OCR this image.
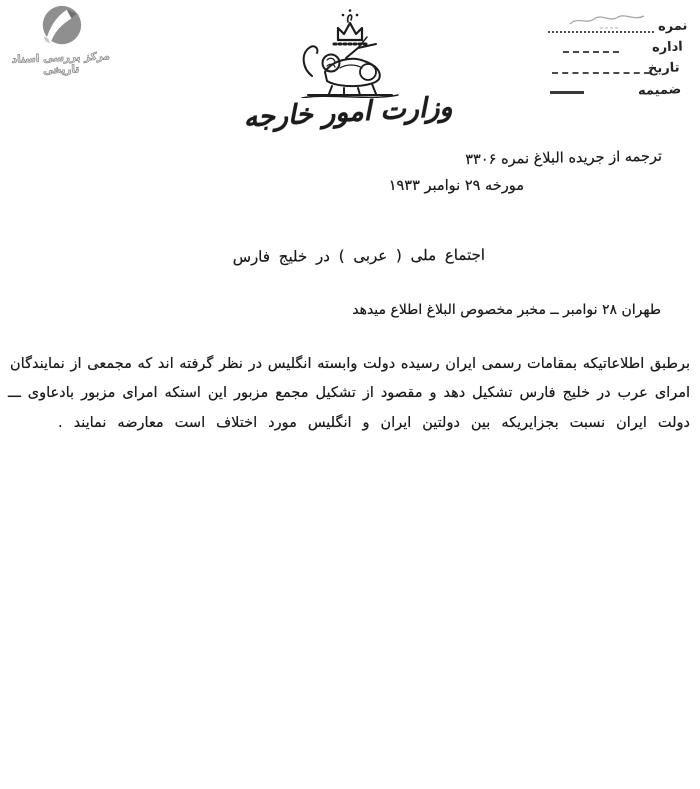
مرکز بررسی اسناد تاریخی
نمره
اداره
تاریخ
ضمیمه
وزارت امور خارجه
ترجمه از جریده البلاغ نمره ۳۳۰۶
مورخه ۲۹ نوامبر ۱۹۳۳
اجتماع ملی ( عربی ) در خلیج فارس
طهران ۲۸ نوامبر ــ مخبر مخصوص البلاغ اطلاع میدهد
برطبق اطلاعاتیکه بمقامات رسمی ایران رسیده دولت وابسته انگلیس در نظر گرفته اند که مجمعی از نمایندگان
امرای عرب در خلیج فارس تشکیل دهد و مقصود از تشکیل مجمع مزبور این استکه امرای مزبور بادعاوی ـــ
دولت ایران نسبت بجزایریکه بین دولتین ایران و انگلیس مورد اختلاف است معارضه نمایند .
